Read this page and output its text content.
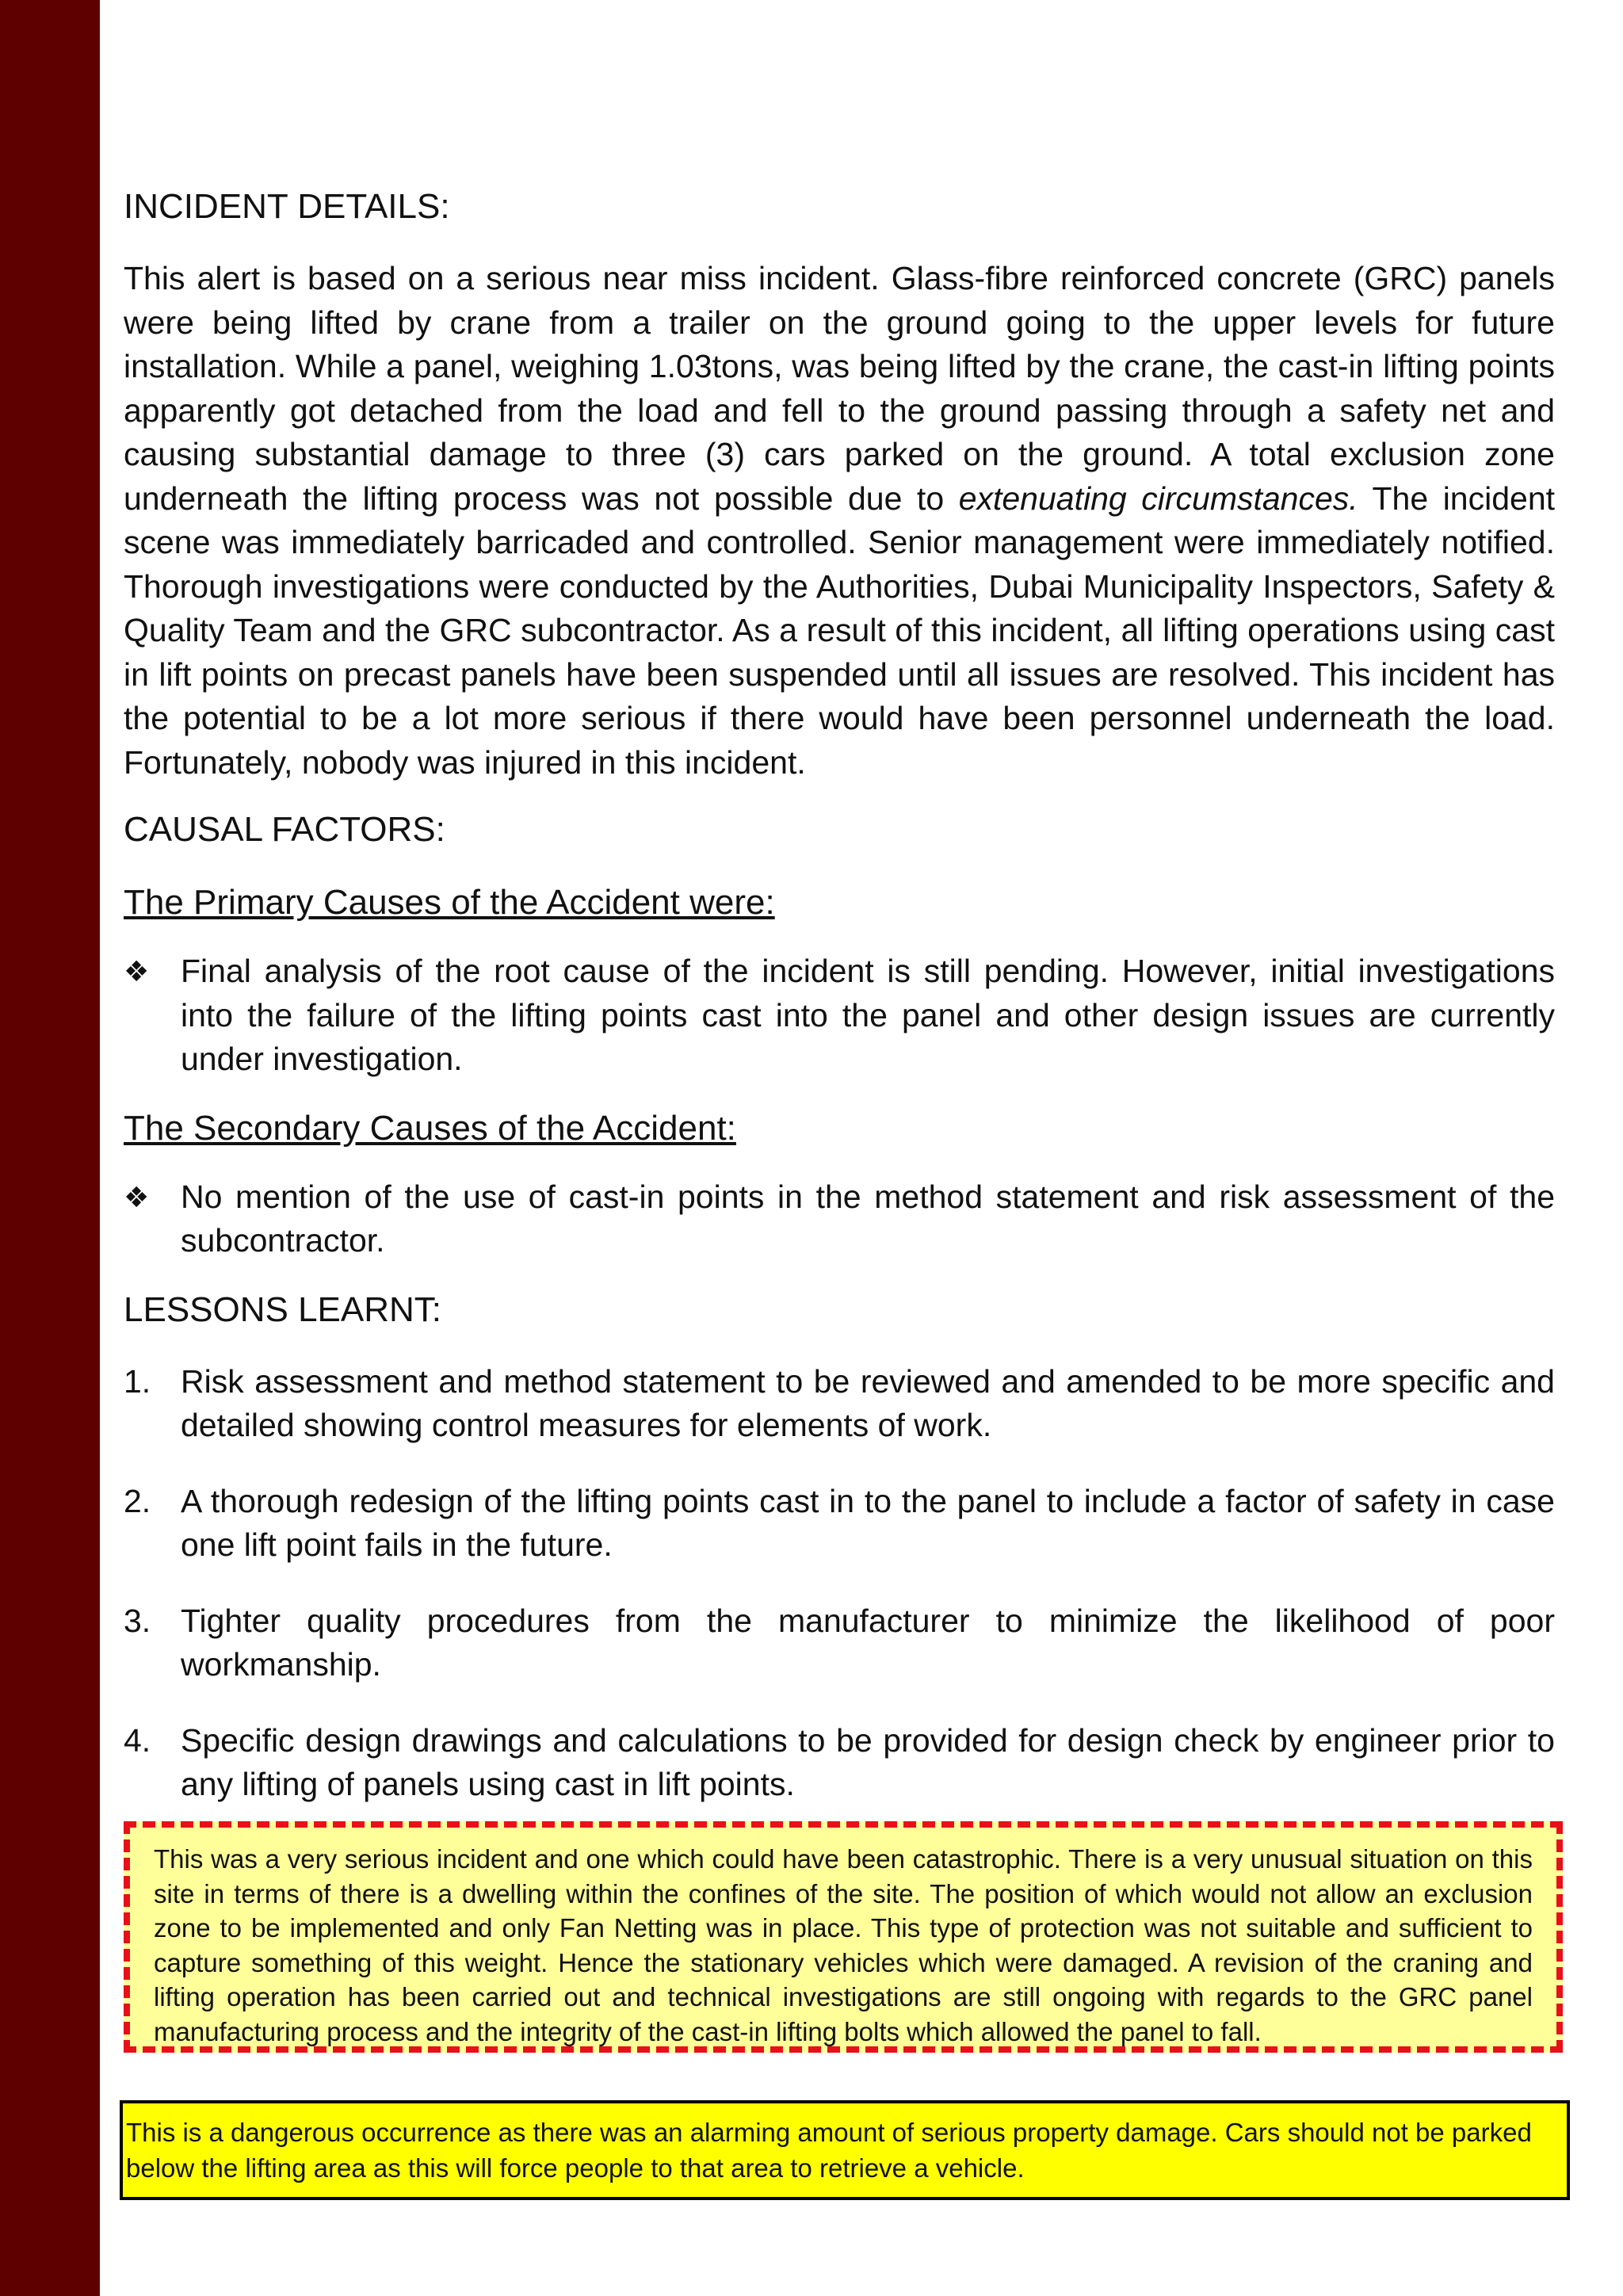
INCIDENT DETAILS:

This alert is based on a serious near miss incident. Glass-fibre reinforced concrete (GRC) panels were being lifted by crane from a trailer on the ground going to the upper levels for future installation. While a panel, weighing 1.03tons, was being lifted by the crane, the cast-in lifting points apparently got detached from the load and fell to the ground passing through a safety net and causing substantial damage to three (3) cars parked on the ground. A total exclusion zone underneath the lifting process was not possible due to extenuating circumstances. The incident scene was immediately barricaded and controlled. Senior management were immediately notified. Thorough investigations were conducted by the Authorities, Dubai Municipality Inspectors, Safety & Quality Team and the GRC subcontractor. As a result of this incident, all lifting operations using cast in lift points on precast panels have been suspended until all issues are resolved. This incident has the potential to be a lot more serious if there would have been personnel underneath the load. Fortunately, nobody was injured in this incident.

CAUSAL FACTORS:
The Primary Causes of the Accident were:
❖ Final analysis of the root cause of the incident is still pending. However, initial investigations into the failure of the lifting points cast into the panel and other design issues are currently under investigation.
The Secondary Causes of the Accident:
❖ No mention of the use of cast-in points in the method statement and risk assessment of the subcontractor.
LESSONS LEARNT:
1. Risk assessment and method statement to be reviewed and amended to be more specific and detailed showing control measures for elements of work.
2. A thorough redesign of the lifting points cast in to the panel to include a factor of safety in case one lift point fails in the future.
3. Tighter quality procedures from the manufacturer to minimize the likelihood of poor workmanship.
4. Specific design drawings and calculations to be provided for design check by engineer prior to any lifting of panels using cast in lift points.

This was a very serious incident and one which could have been catastrophic. There is a very unusual situation on this site in terms of there is a dwelling within the confines of the site. The position of which would not allow an exclusion zone to be implemented and only Fan Netting was in place. This type of protection was not suitable and sufficient to capture something of this weight. Hence the stationary vehicles which were damaged. A revision of the craning and lifting operation has been carried out and technical investigations are still ongoing with regards to the GRC panel manufacturing process and the integrity of the cast-in lifting bolts which allowed the panel to fall.

This is a dangerous occurrence as there was an alarming amount of serious property damage. Cars should not be parked below the lifting area as this will force people to that area to retrieve a vehicle.
